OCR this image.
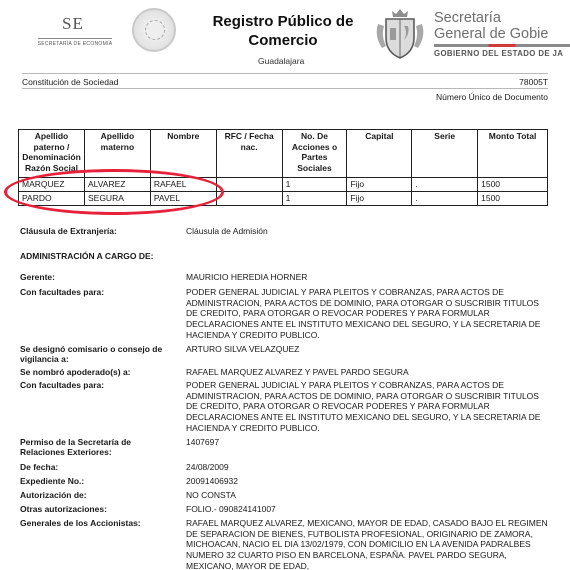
SE
SECRETARÍA DE ECONOMÍA
Registro Público de
Comercio
Guadalajara
Secretaría
General de Gobie
GOBIERNO DEL ESTADO DE JA
Constitución de Sociedad	78005T
Número Único de Documento
Apellido paterno / Denominación Razón Social	Apellido materno	Nombre	RFC / Fecha nac.	No. De Acciones o Partes Sociales	Capital	Serie	Monto Total
MARQUEZ	ALVAREZ	RAFAEL		1	Fijo	.	1500
PARDO	SEGURA	PAVEL		1	Fijo	.	1500
Cláusula de Extranjería:	Cláusula de Admisión
ADMINISTRACIÓN A CARGO DE:
Gerente:	MAURICIO HEREDIA HORNER
Con facultades para:	PODER GENERAL JUDICIAL Y PARA PLEITOS Y COBRANZAS, PARA ACTOS DE ADMINISTRACION, PARA ACTOS DE DOMINIO, PARA OTORGAR O SUSCRIBIR TITULOS DE CREDITO, PARA OTORGAR O REVOCAR PODERES Y PARA FORMULAR DECLARACIONES ANTE EL INSTITUTO MEXICANO DEL SEGURO, Y LA SECRETARIA DE HACIENDA Y CREDITO PUBLICO.
Se designó comisario o consejo de vigilancia a:
ARTURO SILVA VELAZQUEZ
Se nombró apoderado(s) a:	RAFAEL MARQUEZ ALVAREZ Y PAVEL PARDO SEGURA
Con facultades para:	PODER GENERAL JUDICIAL Y PARA PLEITOS Y COBRANZAS, PARA ACTOS DE ADMINISTRACION, PARA ACTOS DE DOMINIO, PARA OTORGAR O SUSCRIBIR TITULOS DE CREDITO, PARA OTORGAR O REVOCAR PODERES Y PARA FORMULAR DECLARACIONES ANTE EL INSTITUTO MEXICANO DEL SEGURO, Y LA SECRETARIA DE HACIENDA Y CREDITO PUBLICO.
Permiso de la Secretaría de Relaciones Exteriores:
1407697
De fecha:	24/08/2009
Expediente No.:	20091406932
Autorización de:	NO CONSTA
Otras autorizaciones:	FOLIO.- 090824141007
Generales de los Accionistas:	RAFAEL MARQUEZ ALVAREZ, MEXICANO, MAYOR DE EDAD, CASADO BAJO EL REGIMEN DE SEPARACION DE BIENES, FUTBOLISTA PROFESIONAL, ORIGINARIO DE ZAMORA, MICHOACAN, NACIO EL DIA 13/02/1979, CON DOMICILIO EN LA AVENIDA PADRALBES NUMERO 32 CUARTO PISO EN BARCELONA, ESPAÑA. PAVEL PARDO SEGURA, MEXICANO, MAYOR DE EDAD,
